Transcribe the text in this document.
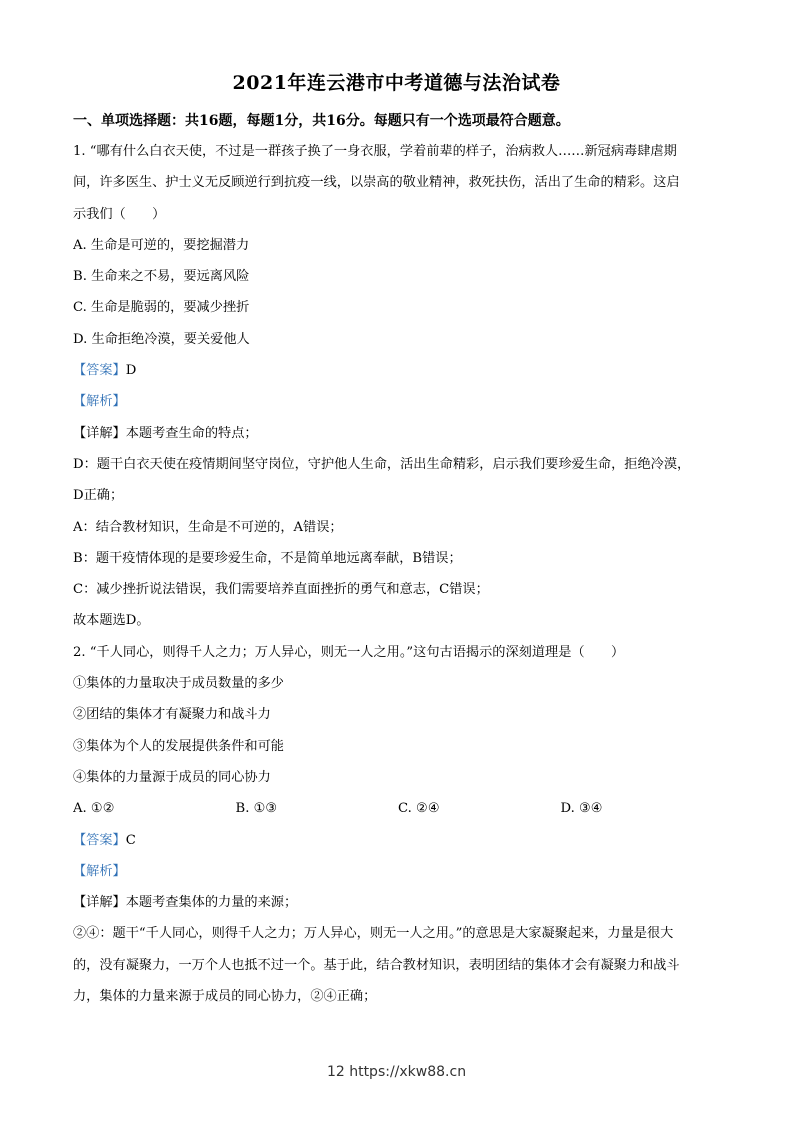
2021年连云港市中考道德与法治试卷
一、单项选择题：共16题，每题1分，共16分。每题只有一个选项最符合题意。
1. “哪有什么白衣天使，不过是一群孩子换了一身衣服，学着前辈的样子，治病救人……新冠病毒肆虐期
间，许多医生、护士义无反顾逆行到抗疫一线，以崇高的敬业精神，救死扶伤，活出了生命的精彩。这启
示我们（　　）
A. 生命是可逆的，要挖掘潜力
B. 生命来之不易，要远离风险
C. 生命是脆弱的，要减少挫折
D. 生命拒绝冷漠，要关爱他人
【答案】D
【解析】
【详解】本题考查生命的特点；
D：题干白衣天使在疫情期间坚守岗位，守护他人生命，活出生命精彩，启示我们要珍爱生命，拒绝冷漠，
D正确；
A：结合教材知识，生命是不可逆的，A错误；
B：题干疫情体现的是要珍爱生命，不是简单地远离奉献，B错误；
C：减少挫折说法错误，我们需要培养直面挫折的勇气和意志，C错误；
故本题选D。
2. “千人同心，则得千人之力；万人异心，则无一人之用。”这句古语揭示的深刻道理是（　　）
①集体的力量取决于成员数量的多少
②团结的集体才有凝聚力和战斗力
③集体为个人的发展提供条件和可能
④集体的力量源于成员的同心协力
A. ①②	B. ①③	C. ②④	D. ③④
【答案】C
【解析】
【详解】本题考查集体的力量的来源；
②④：题干“千人同心，则得千人之力；万人异心，则无一人之用。”的意思是大家凝聚起来，力量是很大
的，没有凝聚力，一万个人也抵不过一个。基于此，结合教材知识，表明团结的集体才会有凝聚力和战斗
力，集体的力量来源于成员的同心协力，②④正确；
12 https://xkw88.cn
